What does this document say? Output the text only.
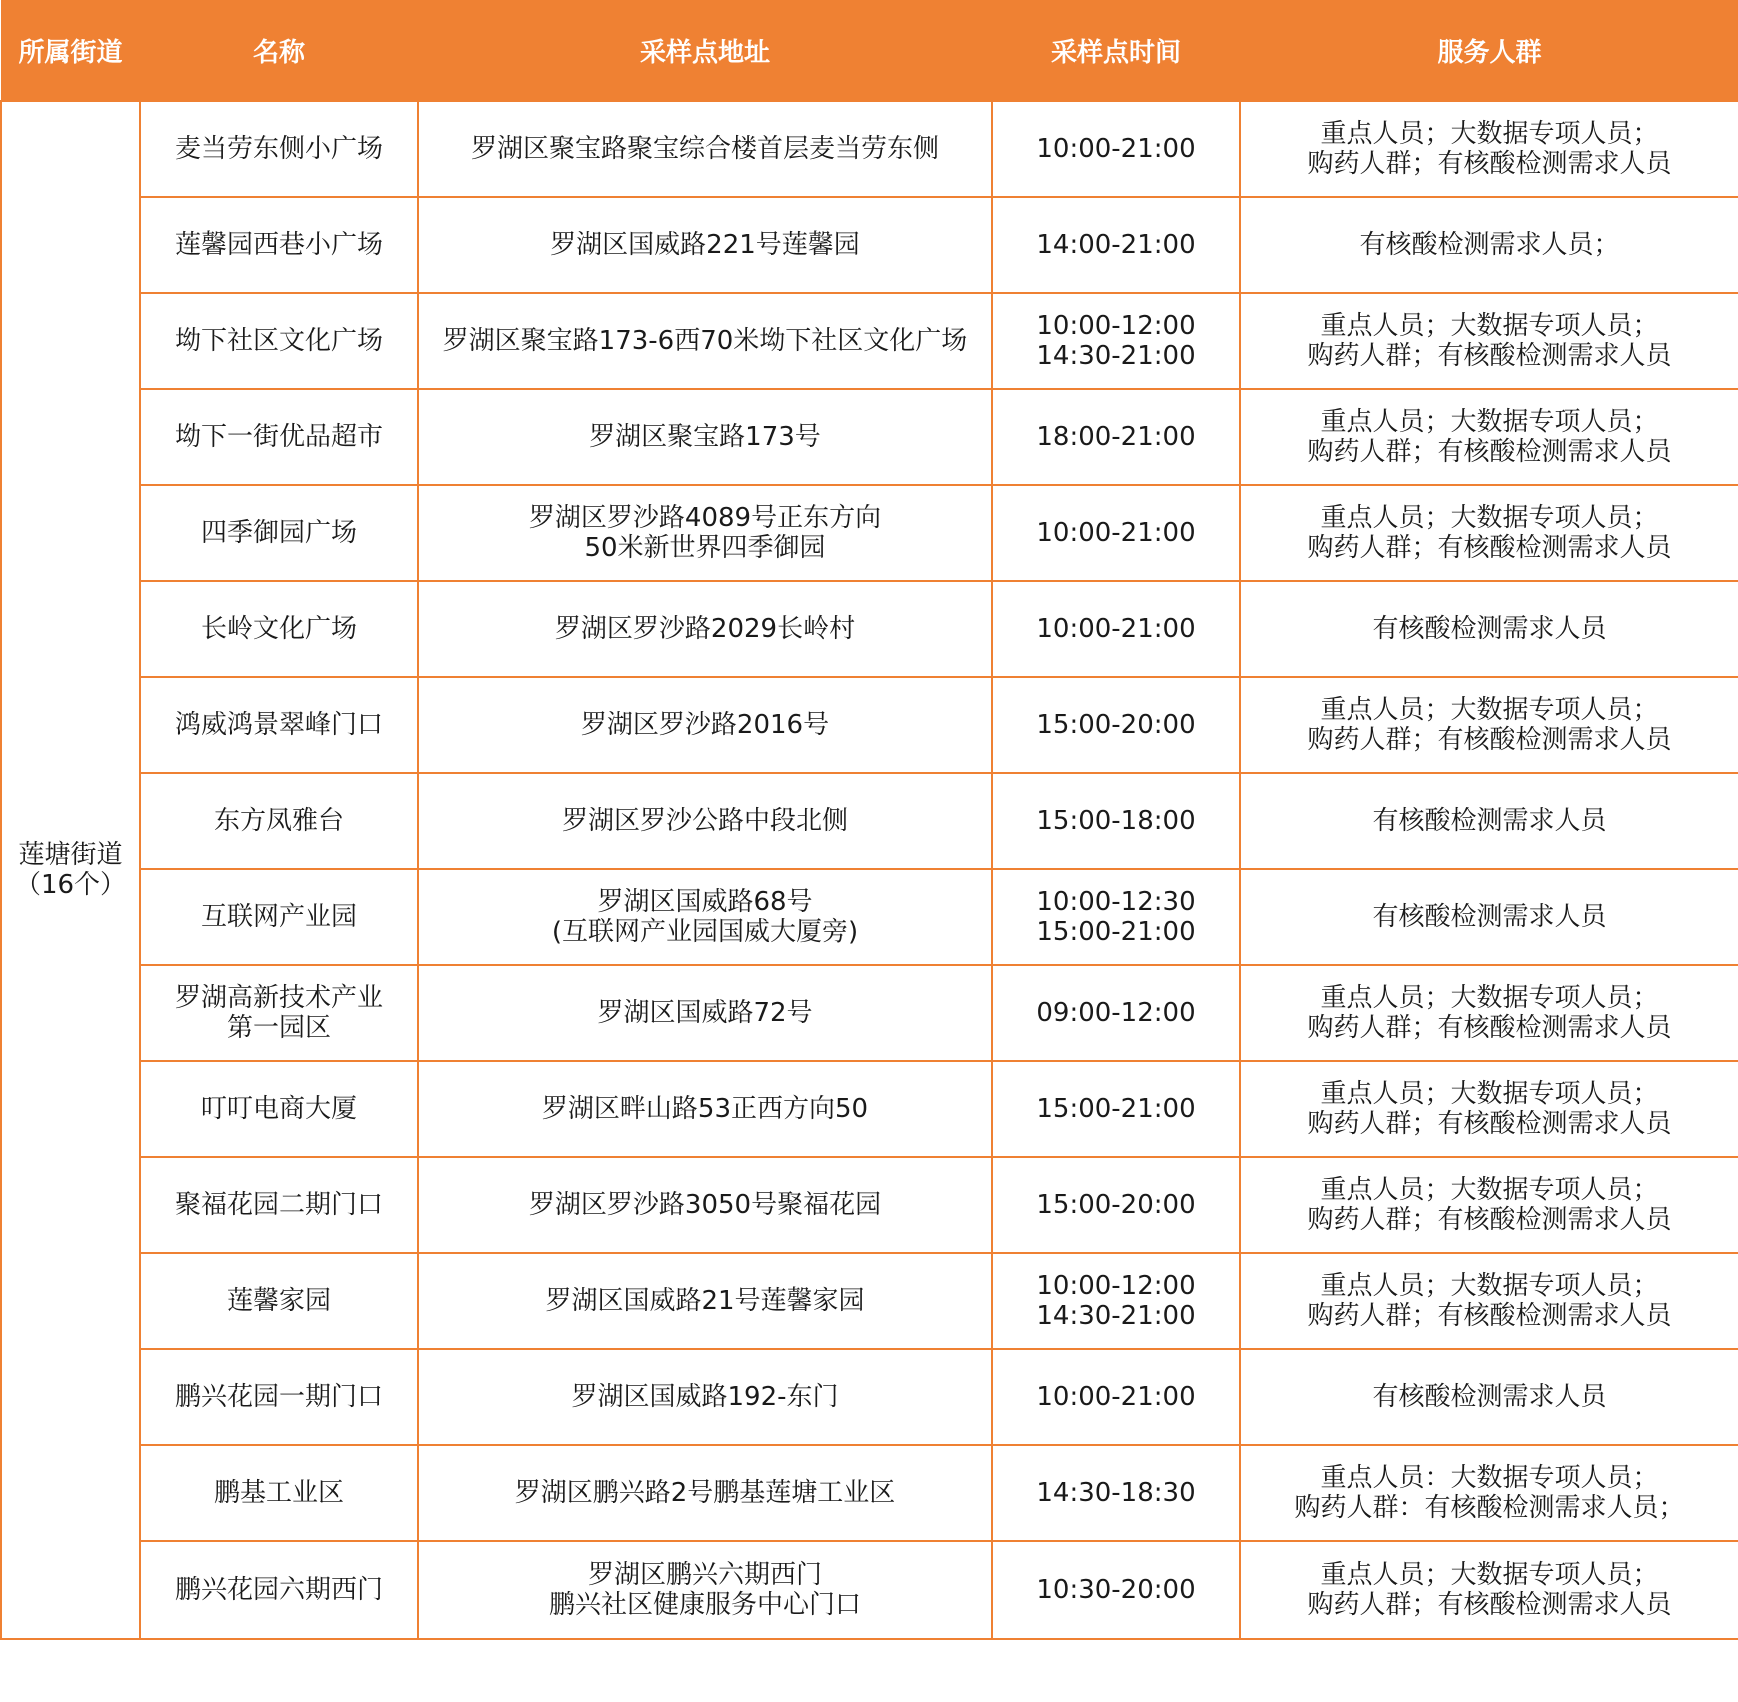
所属街道	名称	采样点地址	采样点时间	服务人群
莲塘街道
（16个）	麦当劳东侧小广场	罗湖区聚宝路聚宝综合楼首层麦当劳东侧	10:00-21:00	重点人员；大数据专项人员；
购药人群；有核酸检测需求人员
	莲馨园西巷小广场	罗湖区国威路221号莲馨园	14:00-21:00	有核酸检测需求人员；
	坳下社区文化广场	罗湖区聚宝路173-6西70米坳下社区文化广场	10:00-12:00
14:30-21:00	重点人员；大数据专项人员；
购药人群；有核酸检测需求人员
	坳下一街优品超市	罗湖区聚宝路173号	18:00-21:00	重点人员；大数据专项人员；
购药人群；有核酸检测需求人员
	四季御园广场	罗湖区罗沙路4089号正东方向
50米新世界四季御园	10:00-21:00	重点人员；大数据专项人员；
购药人群；有核酸检测需求人员
	长岭文化广场	罗湖区罗沙路2029长岭村	10:00-21:00	有核酸检测需求人员
	鸿威鸿景翠峰门口	罗湖区罗沙路2016号	15:00-20:00	重点人员；大数据专项人员；
购药人群；有核酸检测需求人员
	东方凤雅台	罗湖区罗沙公路中段北侧	15:00-18:00	有核酸检测需求人员
	互联网产业园	罗湖区国威路68号
(互联网产业园国威大厦旁)	10:00-12:30
15:00-21:00	有核酸检测需求人员
	罗湖高新技术产业
第一园区	罗湖区国威路72号	09:00-12:00	重点人员；大数据专项人员；
购药人群；有核酸检测需求人员
	叮叮电商大厦	罗湖区畔山路53正西方向50	15:00-21:00	重点人员；大数据专项人员；
购药人群；有核酸检测需求人员
	聚福花园二期门口	罗湖区罗沙路3050号聚福花园	15:00-20:00	重点人员；大数据专项人员；
购药人群；有核酸检测需求人员
	莲馨家园	罗湖区国威路21号莲馨家园	10:00-12:00
14:30-21:00	重点人员；大数据专项人员；
购药人群；有核酸检测需求人员
	鹏兴花园一期门口	罗湖区国威路192-东门	10:00-21:00	有核酸检测需求人员
	鹏基工业区	罗湖区鹏兴路2号鹏基莲塘工业区	14:30-18:30	重点人员：大数据专项人员；
购药人群：有核酸检测需求人员；
	鹏兴花园六期西门	罗湖区鹏兴六期西门
鹏兴社区健康服务中心门口	10:30-20:00	重点人员；大数据专项人员；
购药人群；有核酸检测需求人员
